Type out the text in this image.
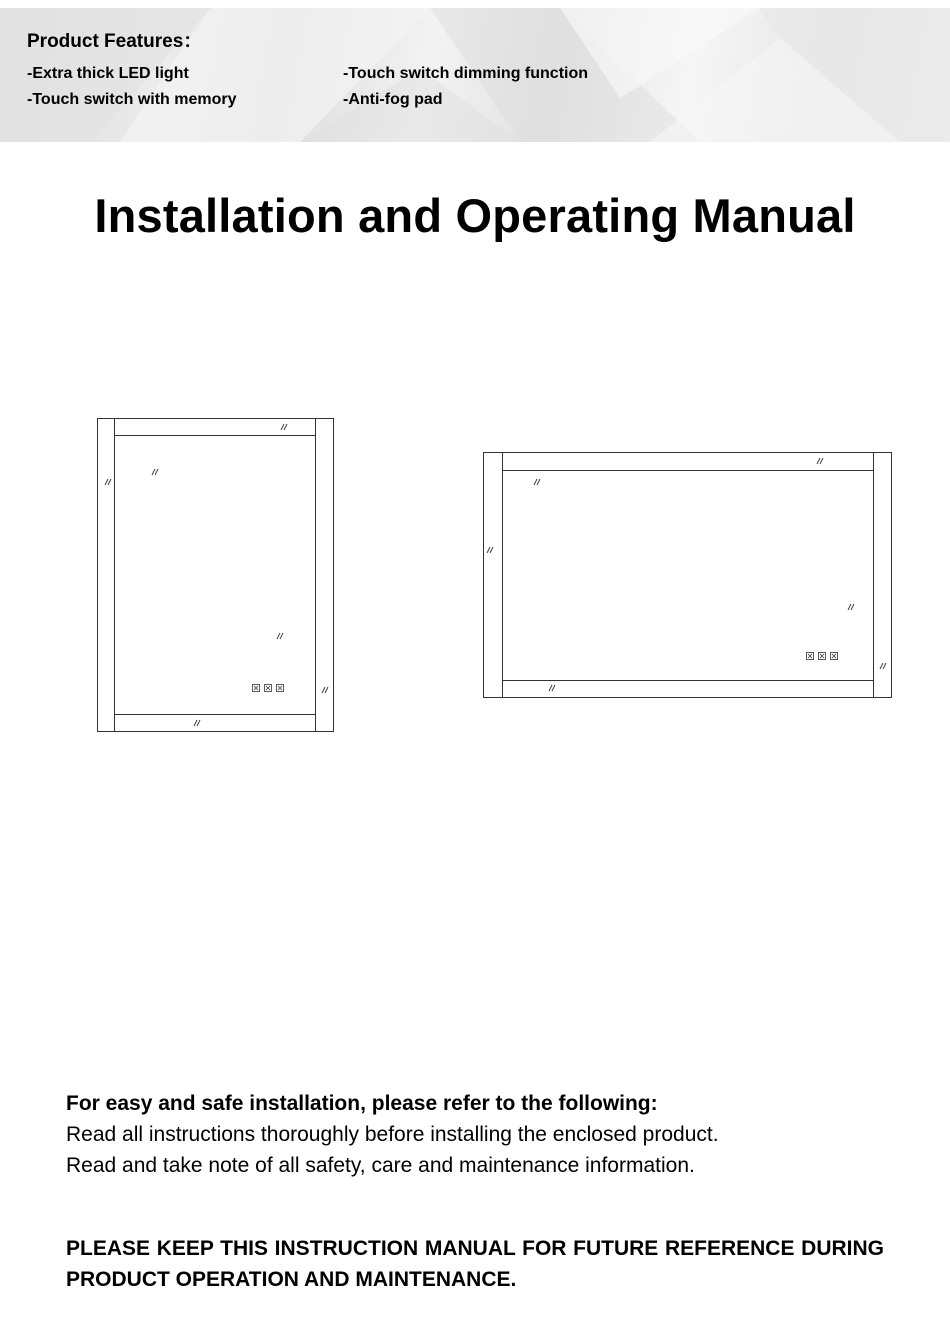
Product Features：
-Extra thick LED light	-Touch switch dimming function
-Touch switch with memory	-Anti-fog pad
Installation and Operating Manual
For easy and safe installation, please refer to the following:
Read all instructions thoroughly before installing the enclosed product.
Read and take note of all safety, care and maintenance information.

PLEASE KEEP THIS INSTRUCTION MANUAL FOR FUTURE REFERENCE DURING PRODUCT OPERATION AND MAINTENANCE.
